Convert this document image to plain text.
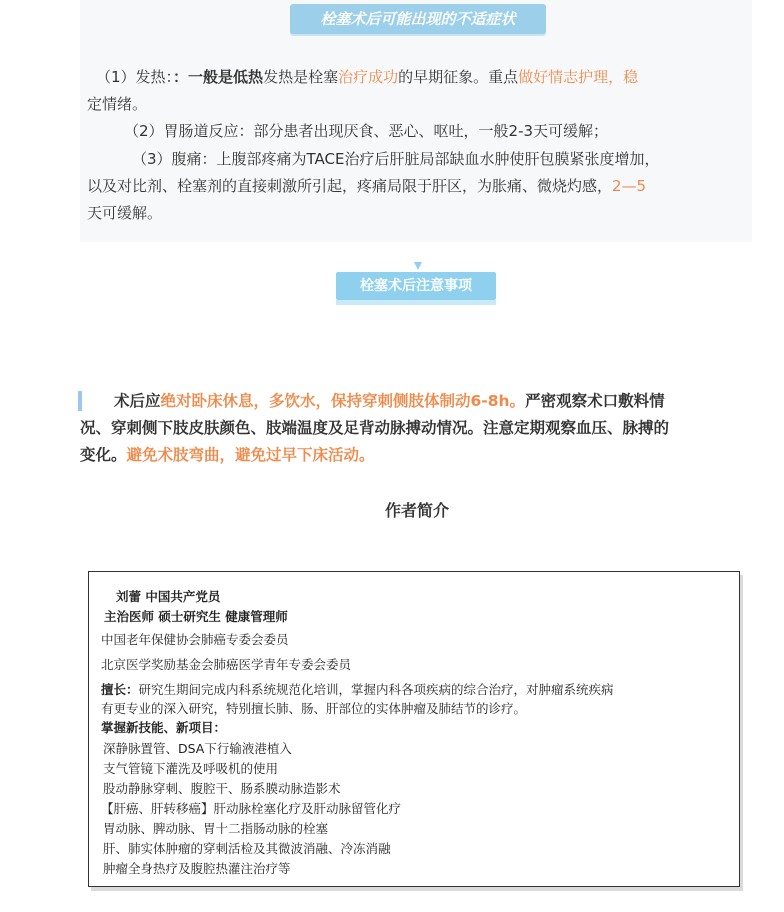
栓塞术后可能出现的不适症状
（1）发热：：一般是低热发热是栓塞治疗成功的早期征象。重点做好情志护理，稳
定情绪。
（2）胃肠道反应：部分患者出现厌食、恶心、呕吐，一般2-3天可缓解；
（3）腹痛：上腹部疼痛为TACE治疗后肝脏局部缺血水肿使肝包膜紧张度增加，
以及对比剂、栓塞剂的直接刺激所引起，疼痛局限于肝区，为胀痛、微烧灼感，2—5
天可缓解。
栓塞术后注意事项
术后应绝对卧床休息，多饮水，保持穿刺侧肢体制动6-8h。严密观察术口敷料情
况、穿刺侧下肢皮肤颜色、肢端温度及足背动脉搏动情况。注意定期观察血压、脉搏的
变化。避免术肢弯曲，避免过早下床活动。
作者简介
刘蕾 中国共产党员
主治医师 硕士研究生 健康管理师
中国老年保健协会肺癌专委会委员
北京医学奖励基金会肺癌医学青年专委会委员
擅长：研究生期间完成内科系统规范化培训，掌握内科各项疾病的综合治疗，对肿瘤系统疾病
有更专业的深入研究，特别擅长肺、肠、肝部位的实体肿瘤及肺结节的诊疗。
掌握新技能、新项目：
深静脉置管、DSA下行输液港植入
支气管镜下灌洗及呼吸机的使用
股动静脉穿刺、腹腔干、肠系膜动脉造影术
【肝癌、肝转移癌】肝动脉栓塞化疗及肝动脉留管化疗
胃动脉、脾动脉、胃十二指肠动脉的栓塞
肝、肺实体肿瘤的穿刺活检及其微波消融、冷冻消融
肿瘤全身热疗及腹腔热灌注治疗等
